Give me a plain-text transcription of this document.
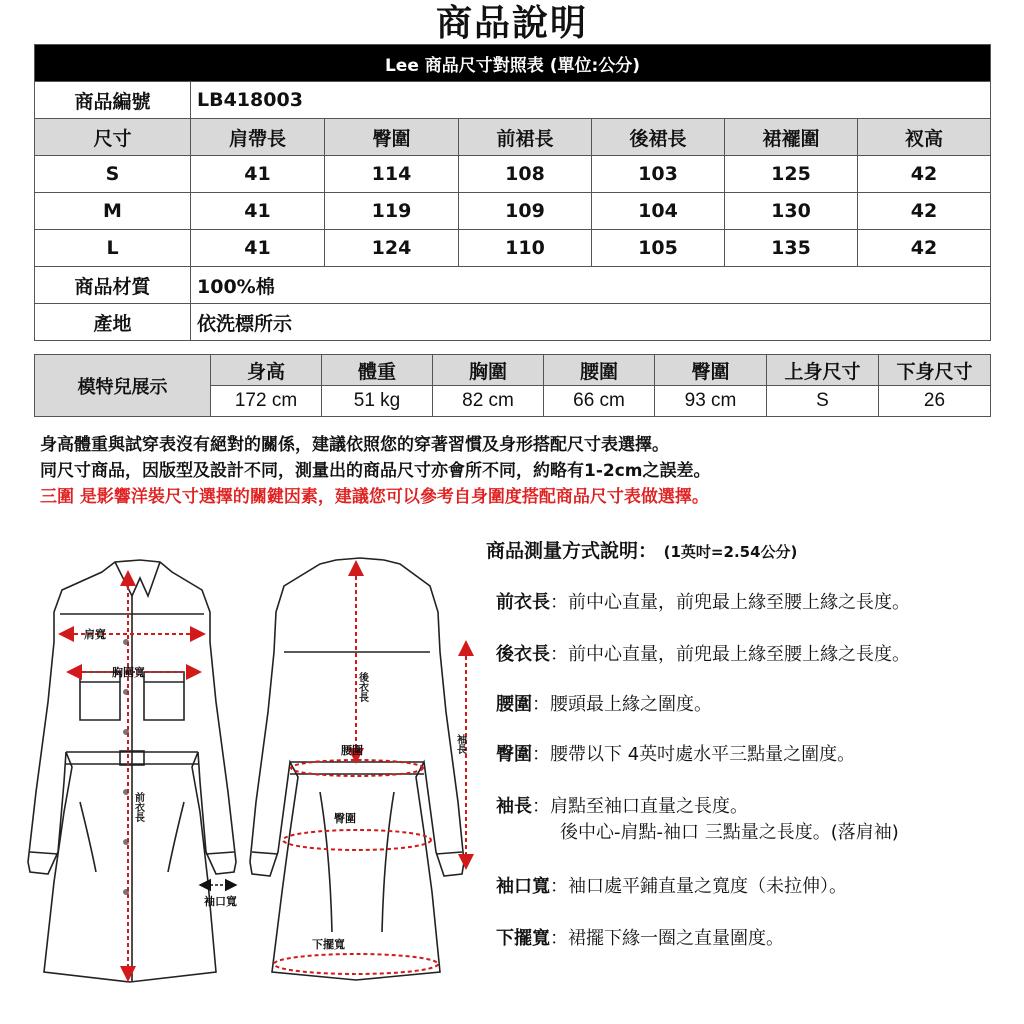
商品說明
Lee 商品尺寸對照表 (單位:公分)						
商品編號	LB418003					
尺寸	肩帶長	臀圍	前裙長	後裙長	裙襬圍	衩高
S	41	114	108	103	125	42
M	41	119	109	104	130	42
L	41	124	110	105	135	42
商品材質	100%棉					
產地	依洗標所示					
模特兒展示	身高	體重	胸圍	腰圍	臀圍	上身尺寸	下身尺寸
	172 cm	51 kg	82 cm	66 cm	93 cm	S	26
身高體重與試穿表沒有絕對的關係，建議依照您的穿著習慣及身形搭配尺寸表選擇。
同尺寸商品，因版型及設計不同，測量出的商品尺寸亦會所不同，約略有1-2cm之誤差。
三圍 是影響洋裝尺寸選擇的關鍵因素，建議您可以參考自身圍度搭配商品尺寸表做選擇。
肩寬
胸圍寬
袖口寬
腰圍
臀圍
下擺寬
前衣長
後衣長
袖長
商品測量方式說明： (1英吋=2.54公分)
前衣長：前中心直量，前兜最上緣至腰上緣之長度。
後衣長：前中心直量，前兜最上緣至腰上緣之長度。
腰圍：腰頭最上緣之圍度。
臀圍：腰帶以下 4英吋處水平三點量之圍度。
袖長：肩點至袖口直量之長度。
後中心-肩點-袖口 三點量之長度。(落肩袖)
袖口寬：袖口處平鋪直量之寬度（未拉伸）。
下擺寬：裙擺下緣一圈之直量圍度。
